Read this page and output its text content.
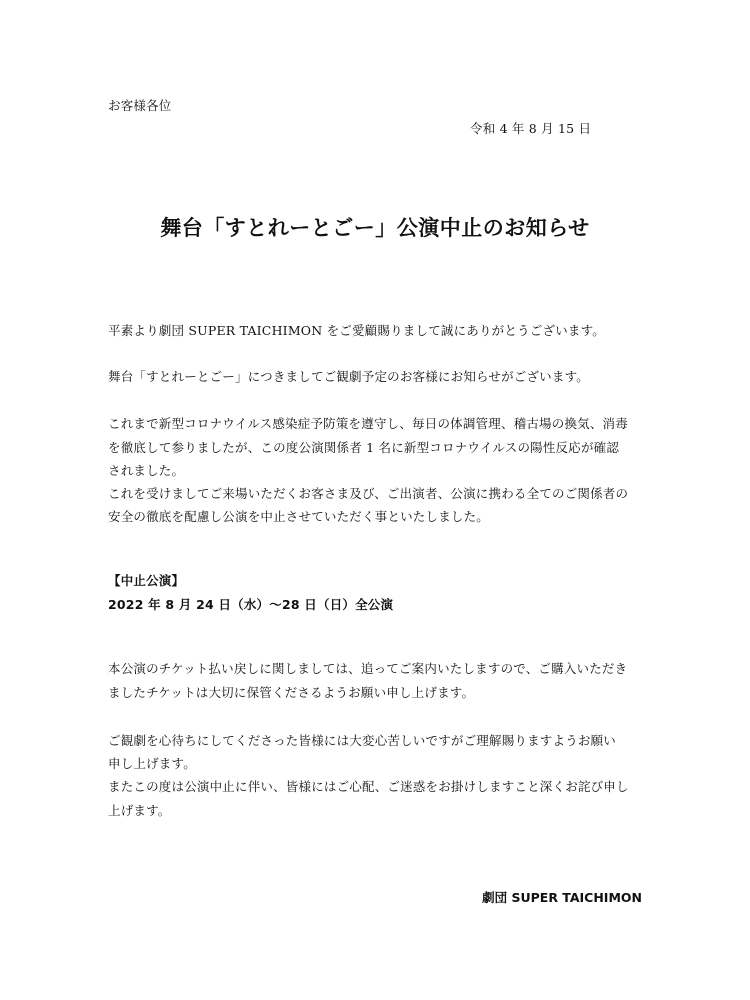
お客様各位
令和 4 年 8 月 15 日
舞台「すとれーとごー」公演中止のお知らせ
平素より劇団 SUPER TAICHIMON をご愛顧賜りまして誠にありがとうございます。
舞台「すとれーとごー」につきましてご観劇予定のお客様にお知らせがございます。
これまで新型コロナウイルス感染症予防策を遵守し、毎日の体調管理、稽古場の換気、消毒
を徹底して参りましたが、この度公演関係者 1 名に新型コロナウイルスの陽性反応が確認
されました。
これを受けましてご来場いただくお客さま及び、ご出演者、公演に携わる全てのご関係者の
安全の徹底を配慮し公演を中止させていただく事といたしました。
【中止公演】
2022 年 8 月 24 日（水）〜28 日（日）全公演
本公演のチケット払い戻しに関しましては、追ってご案内いたしますので、ご購入いただき
ましたチケットは大切に保管くださるようお願い申し上げます。
ご観劇を心待ちにしてくださった皆様には大変心苦しいですがご理解賜りますようお願い
申し上げます。
またこの度は公演中止に伴い、皆様にはご心配、ご迷惑をお掛けしますこと深くお詫び申し
上げます。
劇団 SUPER TAICHIMON
